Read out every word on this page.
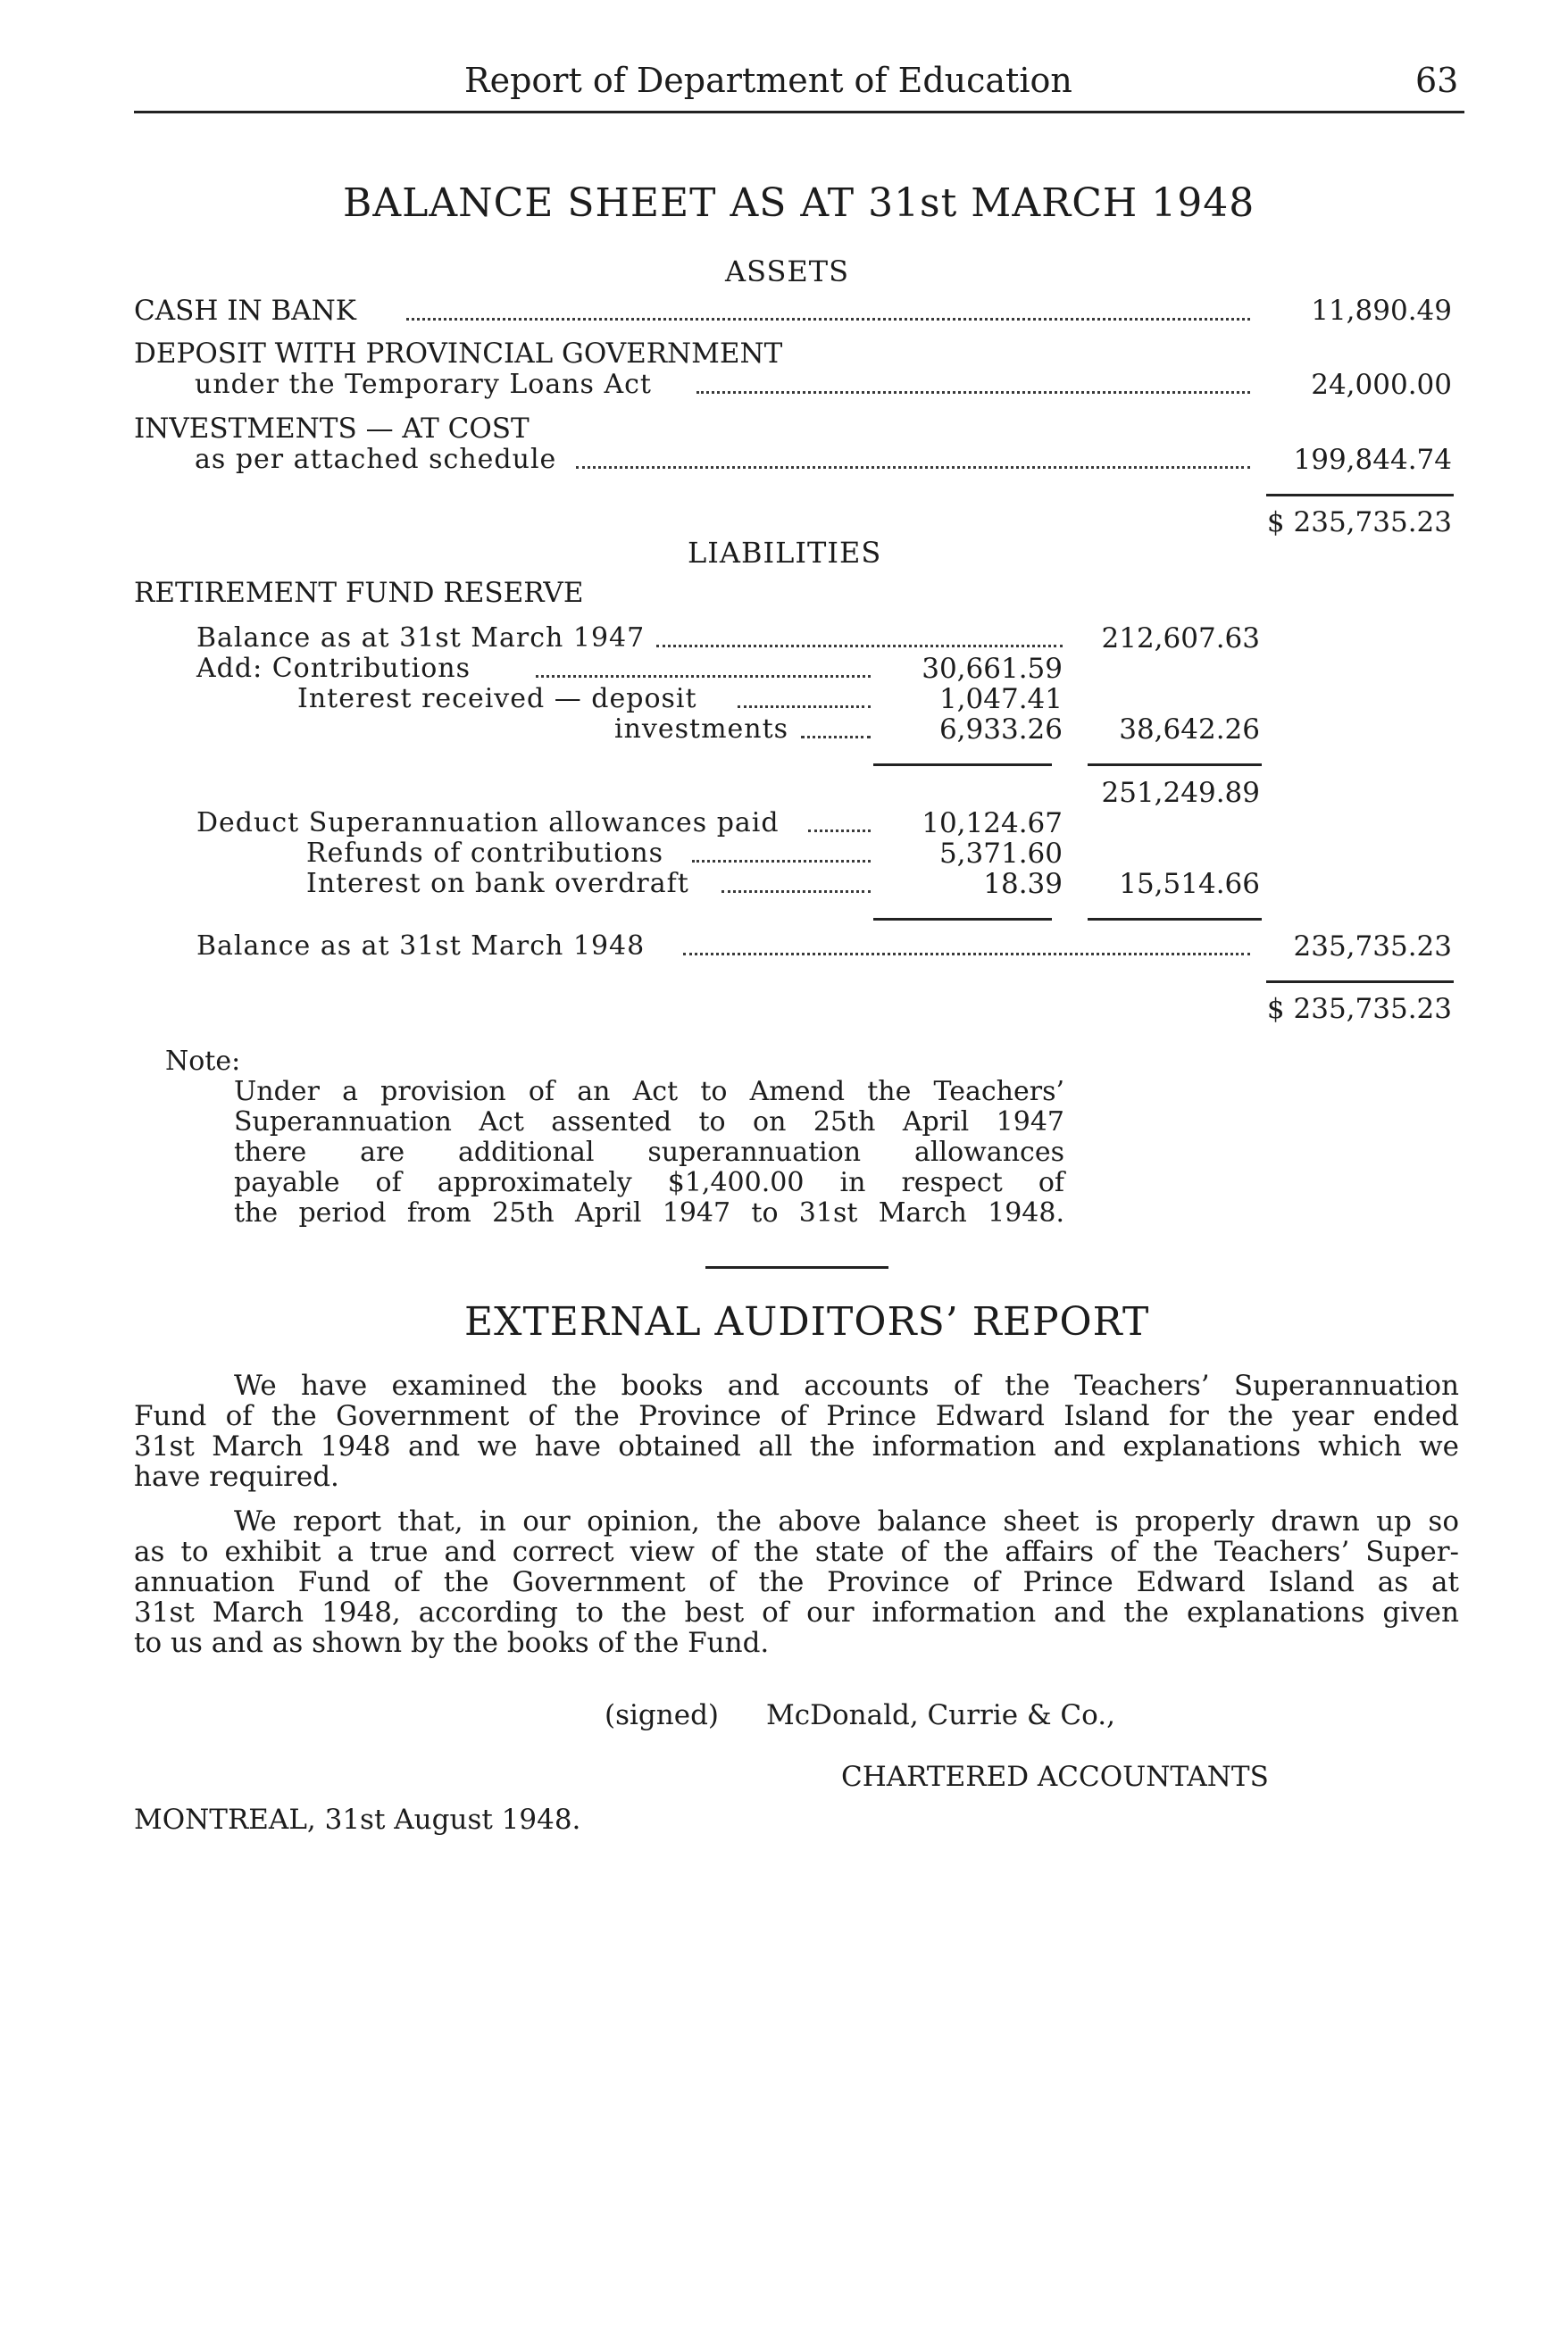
Report of Department of Education	63
BALANCE SHEET AS AT 31st MARCH 1948
ASSETS
CASH IN BANK	11,890.49
DEPOSIT WITH PROVINCIAL GOVERNMENT
under the Temporary Loans Act	24,000.00
INVESTMENTS — AT COST
as per attached schedule	199,844.74
$ 235,735.23
LIABILITIES
RETIREMENT FUND RESERVE
Balance as at 31st March 1947	212,607.63
Add: Contributions	30,661.59
Interest received — deposit	1,047.41
investments	6,933.26 38,642.26
251,249.89
Deduct Superannuation allowances paid	10,124.67
Refunds of contributions	5,371.60
Interest on bank overdraft	18.39 15,514.66
Balance as at 31st March 1948	235,735.23
$ 235,735.23
Note:
Under a provision of an Act to Amend the Teachers’
Superannuation Act assented to on 25th April 1947
there are additional superannuation allowances
payable of approximately $1,400.00 in respect of
the period from 25th April 1947 to 31st March 1948.
EXTERNAL AUDITORS’ REPORT
We have examined the books and accounts of the Teachers’ Superannuation
Fund of the Government of the Province of Prince Edward Island for the year ended
31st March 1948 and we have obtained all the information and explanations which we
have required.
We report that, in our opinion, the above balance sheet is properly drawn up so
as to exhibit a true and correct view of the state of the affairs of the Teachers’ Super-
annuation Fund of the Government of the Province of Prince Edward Island as at
31st March 1948, according to the best of our information and the explanations given
to us and as shown by the books of the Fund.
(signed) McDonald, Currie & Co.,
CHARTERED ACCOUNTANTS
MONTREAL, 31st August 1948.
